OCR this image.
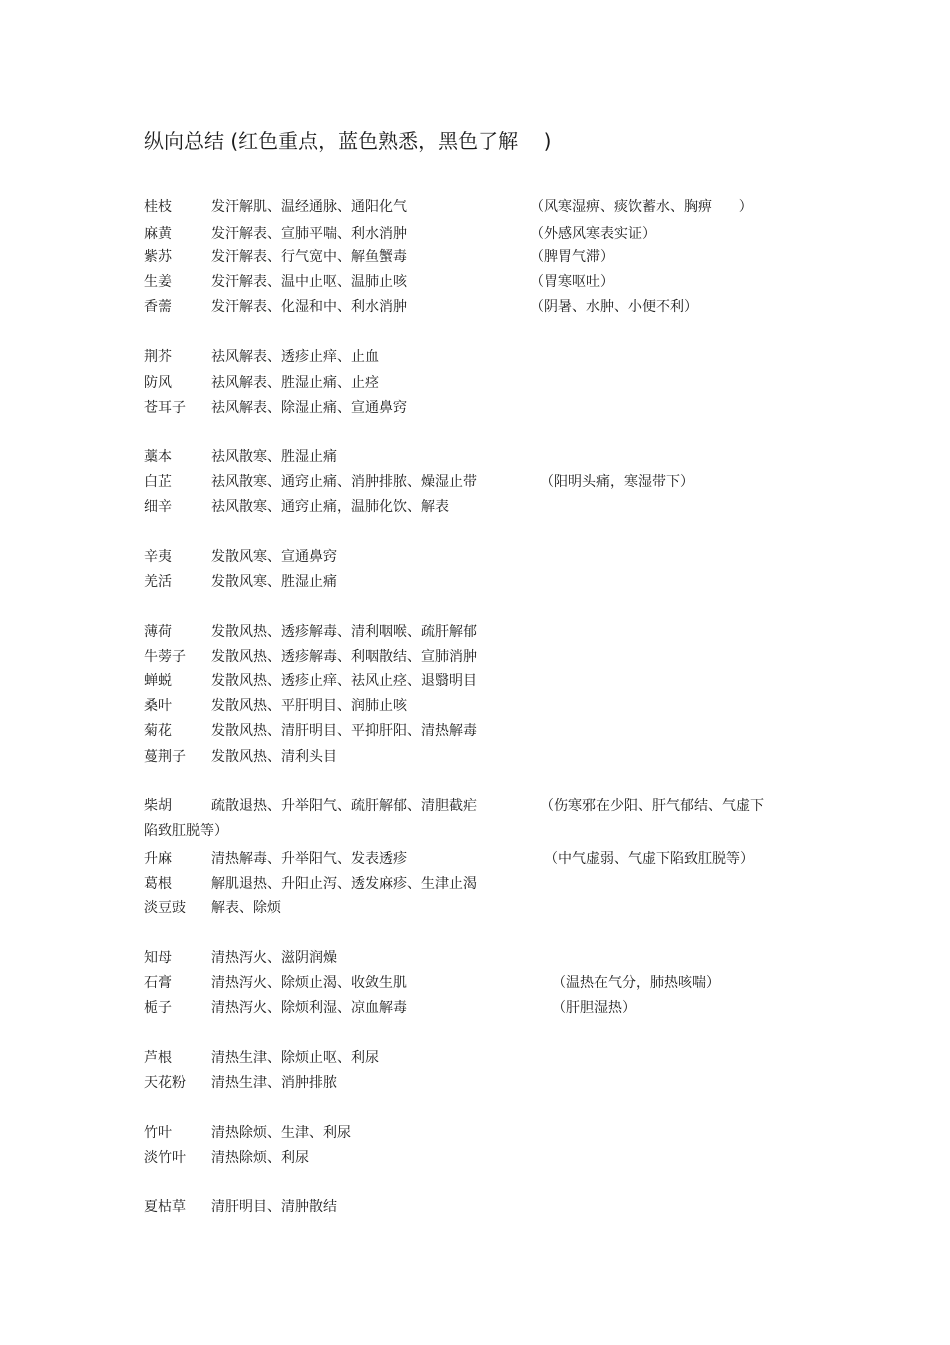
纵向总结 (红色重点，蓝色熟悉，黑色了解    )
桂枝	发汗解肌、温经通脉、通阳化气	（风寒湿痹、痰饮蓄水、胸痹      ）
麻黄	发汗解表、宣肺平喘、利水消肿	（外感风寒表实证）
紫苏	发汗解表、行气宽中、解鱼蟹毒	（脾胃气滞）
生姜	发汗解表、温中止呕、温肺止咳	（胃寒呕吐）
香薷	发汗解表、化湿和中、利水消肿	（阴暑、水肿、小便不利）
荆芥	祛风解表、透疹止痒、止血
防风	祛风解表、胜湿止痛、止痉
苍耳子 祛风解表、除湿止痛、宣通鼻窍
藁本	祛风散寒、胜湿止痛
白芷	祛风散寒、通窍止痛、消肿排脓、燥湿止带	（阳明头痛，寒湿带下）
细辛	祛风散寒、通窍止痛，温肺化饮、解表
辛夷	发散风寒、宣通鼻窍
羌活	发散风寒、胜湿止痛
薄荷	发散风热、透疹解毒、清利咽喉、疏肝解郁
牛蒡子 发散风热、透疹解毒、利咽散结、宣肺消肿
蝉蜕	发散风热、透疹止痒、祛风止痉、退翳明目
桑叶	发散风热、平肝明目、润肺止咳
菊花	发散风热、清肝明目、平抑肝阳、清热解毒
蔓荆子 发散风热、清利头目
柴胡	疏散退热、升举阳气、疏肝解郁、清胆截疟	（伤寒邪在少阳、肝气郁结、气虚下
陷致肛脱等）
升麻	清热解毒、升举阳气、发表透疹	（中气虚弱、气虚下陷致肛脱等）
葛根	解肌退热、升阳止泻、透发麻疹、生津止渴
淡豆豉 解表、除烦
知母	清热泻火、滋阴润燥
石膏	清热泻火、除烦止渴、收敛生肌	（温热在气分，肺热咳喘）
栀子	清热泻火、除烦利湿、凉血解毒	（肝胆湿热）
芦根	清热生津、除烦止呕、利尿
天花粉 清热生津、消肿排脓
竹叶	清热除烦、生津、利尿
淡竹叶 清热除烦、利尿
夏枯草 清肝明目、清肿散结
